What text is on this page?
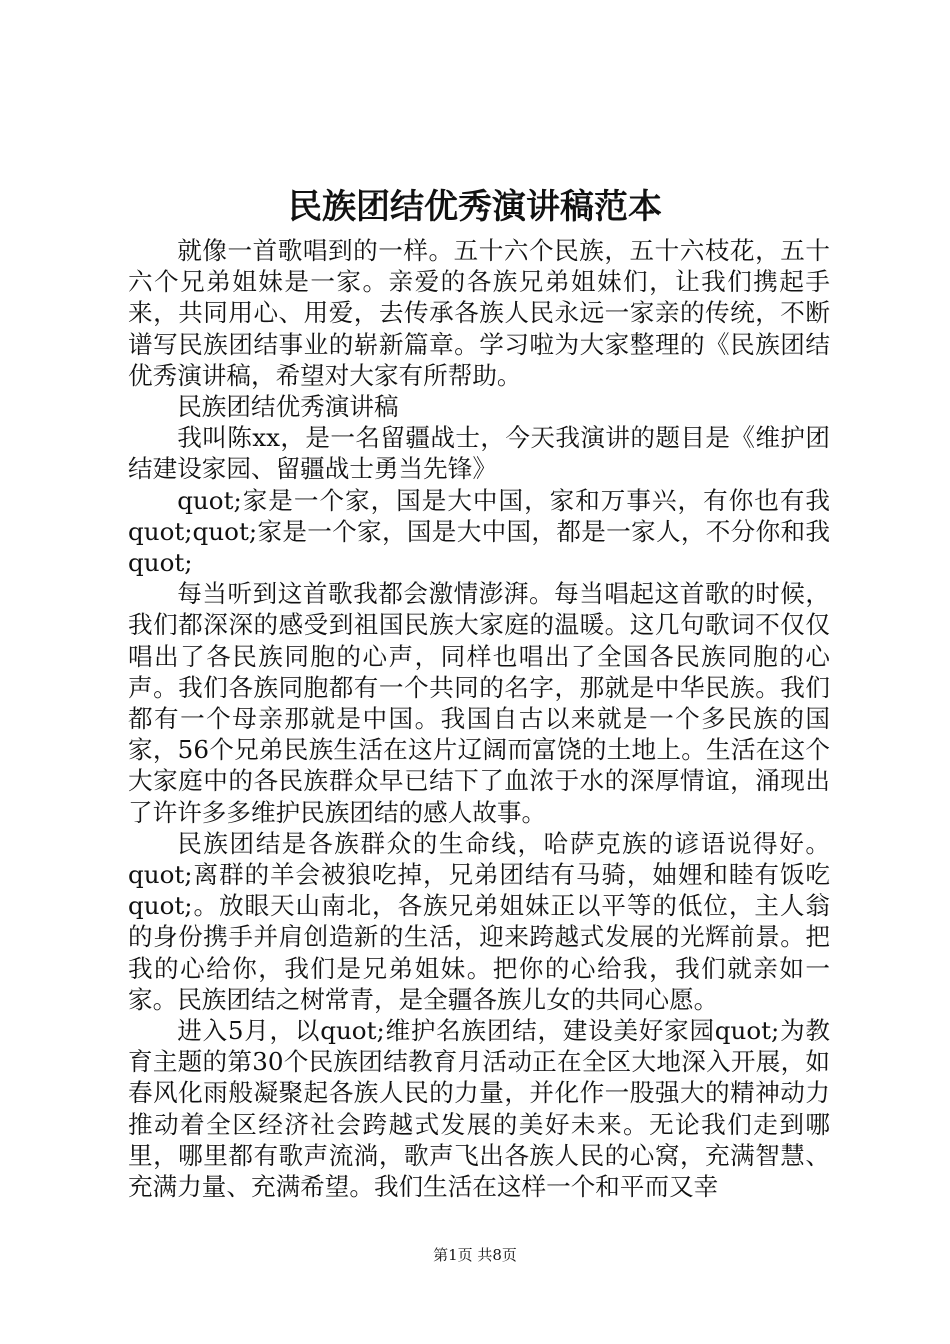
民族团结优秀演讲稿范本

就像一首歌唱到的一样。五十六个民族，五十六枝花，五十六个兄弟姐妹是一家。亲爱的各族兄弟姐妹们，让我们携起手来，共同用心、用爱，去传承各族人民永远一家亲的传统，不断谱写民族团结事业的崭新篇章。学习啦为大家整理的《民族团结优秀演讲稿，希望对大家有所帮助。

民族团结优秀演讲稿

我叫陈xx，是一名留疆战士，今天我演讲的题目是《维护团结建设家园、留疆战士勇当先锋》

quot;家是一个家，国是大中国，家和万事兴，有你也有我quot;quot;家是一个家，国是大中国，都是一家人，不分你和我quot;

每当听到这首歌我都会激情澎湃。每当唱起这首歌的时候，我们都深深的感受到祖国民族大家庭的温暖。这几句歌词不仅仅唱出了各民族同胞的心声，同样也唱出了全国各民族同胞的心声。我们各族同胞都有一个共同的名字，那就是中华民族。我们都有一个母亲那就是中国。我国自古以来就是一个多民族的国家，56个兄弟民族生活在这片辽阔而富饶的土地上。生活在这个大家庭中的各民族群众早已结下了血浓于水的深厚情谊，涌现出了许许多多维护民族团结的感人故事。

民族团结是各族群众的生命线，哈萨克族的谚语说得好。quot;离群的羊会被狼吃掉，兄弟团结有马骑，妯娌和睦有饭吃quot;。放眼天山南北，各族兄弟姐妹正以平等的低位，主人翁的身份携手并肩创造新的生活，迎来跨越式发展的光辉前景。把我的心给你，我们是兄弟姐妹。把你的心给我，我们就亲如一家。民族团结之树常青，是全疆各族儿女的共同心愿。

进入5月，以quot;维护名族团结，建设美好家园quot;为教育主题的第30个民族团结教育月活动正在全区大地深入开展，如春风化雨般凝聚起各族人民的力量，并化作一股强大的精神动力推动着全区经济社会跨越式发展的美好未来。无论我们走到哪里，哪里都有歌声流淌，歌声飞出各族人民的心窝，充满智慧、充满力量、充满希望。我们生活在这样一个和平而又幸

第1页 共8页
